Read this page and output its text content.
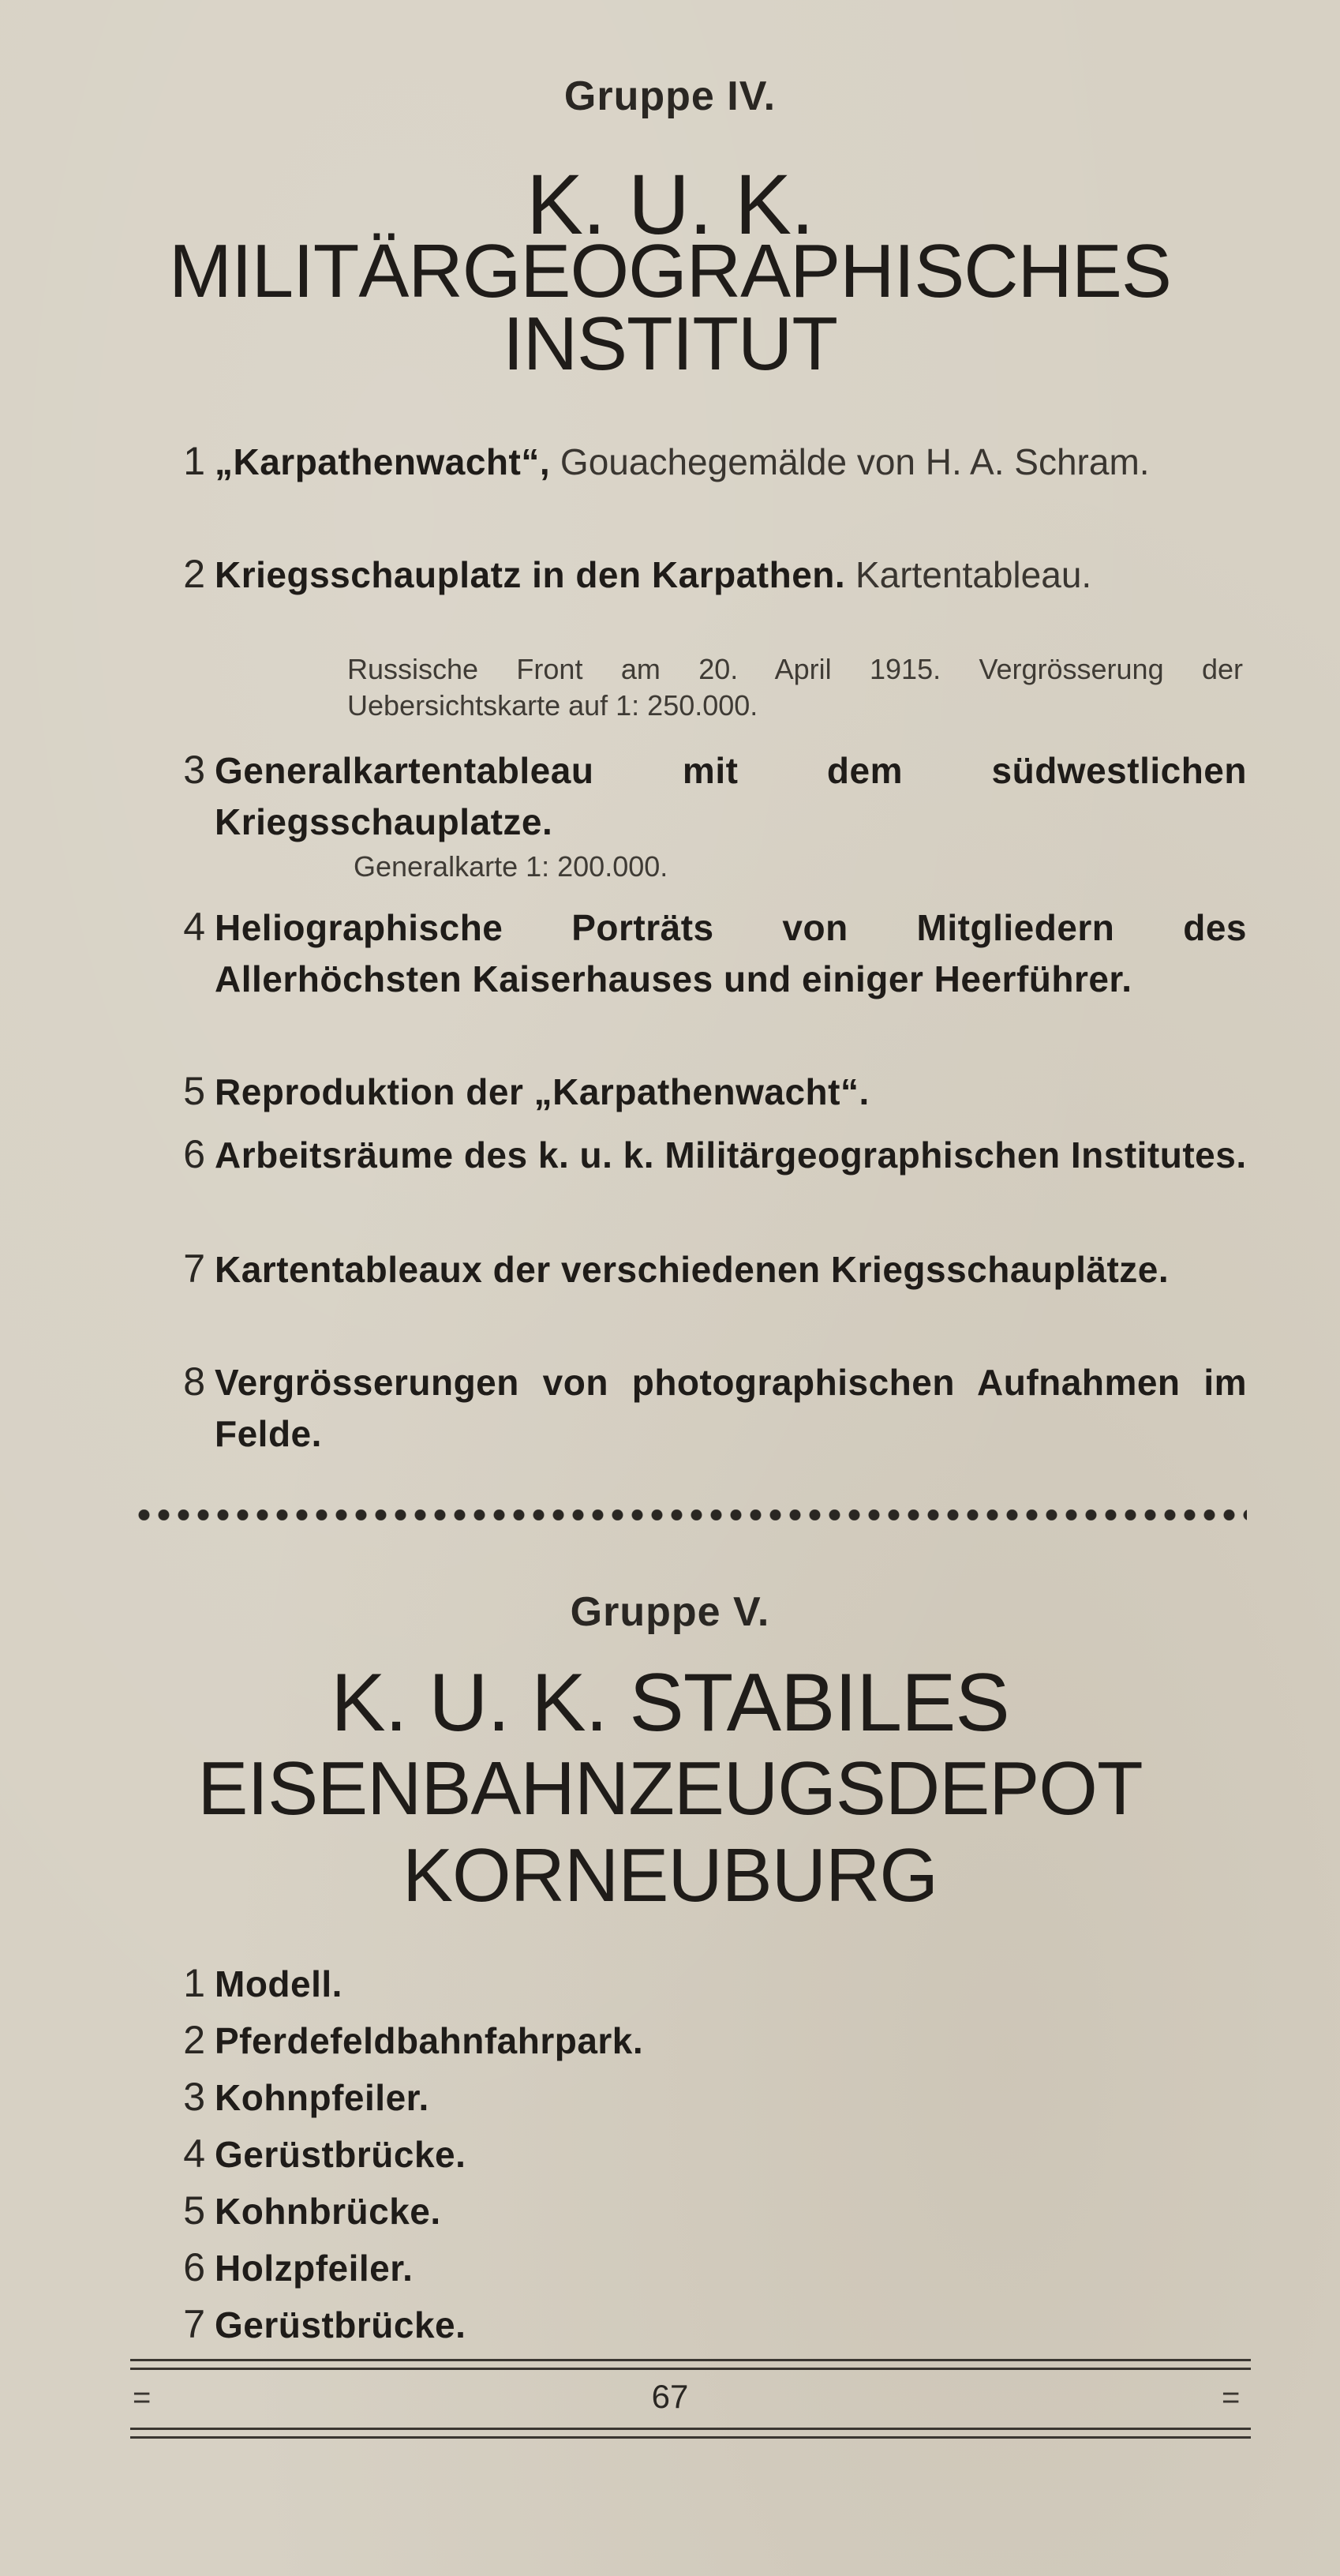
Gruppe IV.
K. U. K.
MILITÄRGEOGRAPHISCHES
INSTITUT
1 „Karpathenwacht“, Gouachegemälde von H. A. Schram.
2 Kriegsschauplatz in den Karpathen. Kartentableau.
Russische Front am 20. April 1915. Vergrösserung der Uebersichtskarte auf 1: 250.000.
3 Generalkartentableau mit dem südwestlichen Kriegsschauplatze.
Generalkarte 1: 200.000.
4 Heliographische Porträts von Mitgliedern des Allerhöchsten Kaiserhauses und einiger Heerführer.
5 Reproduktion der „Karpathenwacht“.
6 Arbeitsräume des k. u. k. Militärgeographischen Institutes.
7 Kartentableaux der verschiedenen Kriegsschauplätze.
8 Vergrösserungen von photographischen Aufnahmen im Felde.
Gruppe V.
K. U. K. STABILES
EISENBAHNZEUGSDEPOT
KORNEUBURG
1 Modell.
2 Pferdefeldbahnfahrpark.
3 Kohnpfeiler.
4 Gerüstbrücke.
5 Kohnbrücke.
6 Holzpfeiler.
7 Gerüstbrücke.
=	67	=
